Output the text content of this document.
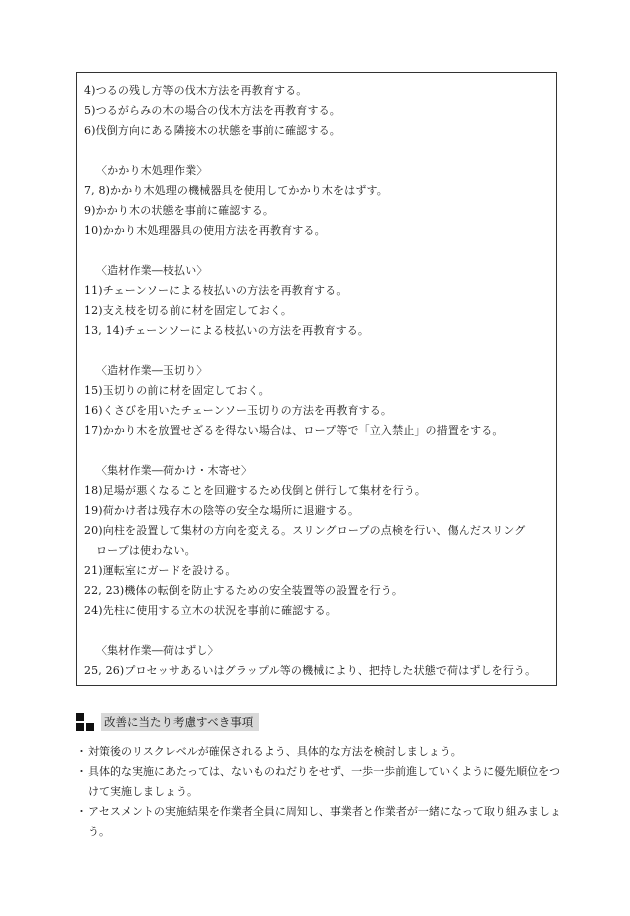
4)つるの残し方等の伐木方法を再教育する。
5)つるがらみの木の場合の伐木方法を再教育する。
6)伐倒方向にある隣接木の状態を事前に確認する。
〈かかり木処理作業〉
7, 8)かかり木処理の機械器具を使用してかかり木をはずす。
9)かかり木の状態を事前に確認する。
10)かかり木処理器具の使用方法を再教育する。
〈造材作業―枝払い〉
11)チェーンソーによる枝払いの方法を再教育する。
12)支え枝を切る前に材を固定しておく。
13, 14)チェーンソーによる枝払いの方法を再教育する。
〈造材作業―玉切り〉
15)玉切りの前に材を固定しておく。
16)くさびを用いたチェーンソー玉切りの方法を再教育する。
17)かかり木を放置せざるを得ない場合は、ロープ等で「立入禁止」の措置をする。
〈集材作業―荷かけ・木寄せ〉
18)足場が悪くなることを回避するため伐倒と併行して集材を行う。
19)荷かけ者は残存木の陰等の安全な場所に退避する。
20)向柱を設置して集材の方向を変える。スリングロープの点検を行い、傷んだスリング
ロープは使わない。
21)運転室にガードを設ける。
22, 23)機体の転倒を防止するための安全装置等の設置を行う。
24)先柱に使用する立木の状況を事前に確認する。
〈集材作業―荷はずし〉
25, 26)プロセッサあるいはグラップル等の機械により、把持した状態で荷はずしを行う。
改善に当たり考慮すべき事項
・ 対策後のリスクレベルが確保されるよう、具体的な方法を検討しましょう。
・ 具体的な実施にあたっては、ないものねだりをせず、一歩一歩前進していくように優先順位をつけて実施しましょう。
・ アセスメントの実施結果を作業者全員に周知し、事業者と作業者が一緒になって取り組みましょう。
